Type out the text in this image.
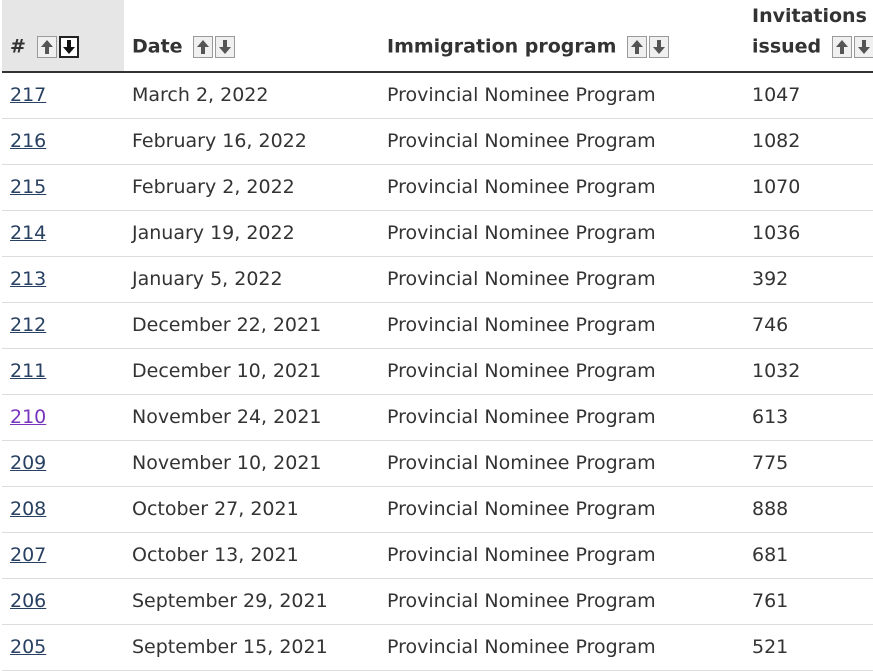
#	Date	Immigration program	Invitations
issued

217	March 2, 2022	Provincial Nominee Program	1047
216	February 16, 2022	Provincial Nominee Program	1082
215	February 2, 2022	Provincial Nominee Program	1070
214	January 19, 2022	Provincial Nominee Program	1036
213	January 5, 2022	Provincial Nominee Program	392
212	December 22, 2021	Provincial Nominee Program	746
211	December 10, 2021	Provincial Nominee Program	1032
210	November 24, 2021	Provincial Nominee Program	613
209	November 10, 2021	Provincial Nominee Program	775
208	October 27, 2021	Provincial Nominee Program	888
207	October 13, 2021	Provincial Nominee Program	681
206	September 29, 2021	Provincial Nominee Program	761
205	September 15, 2021	Provincial Nominee Program	521
